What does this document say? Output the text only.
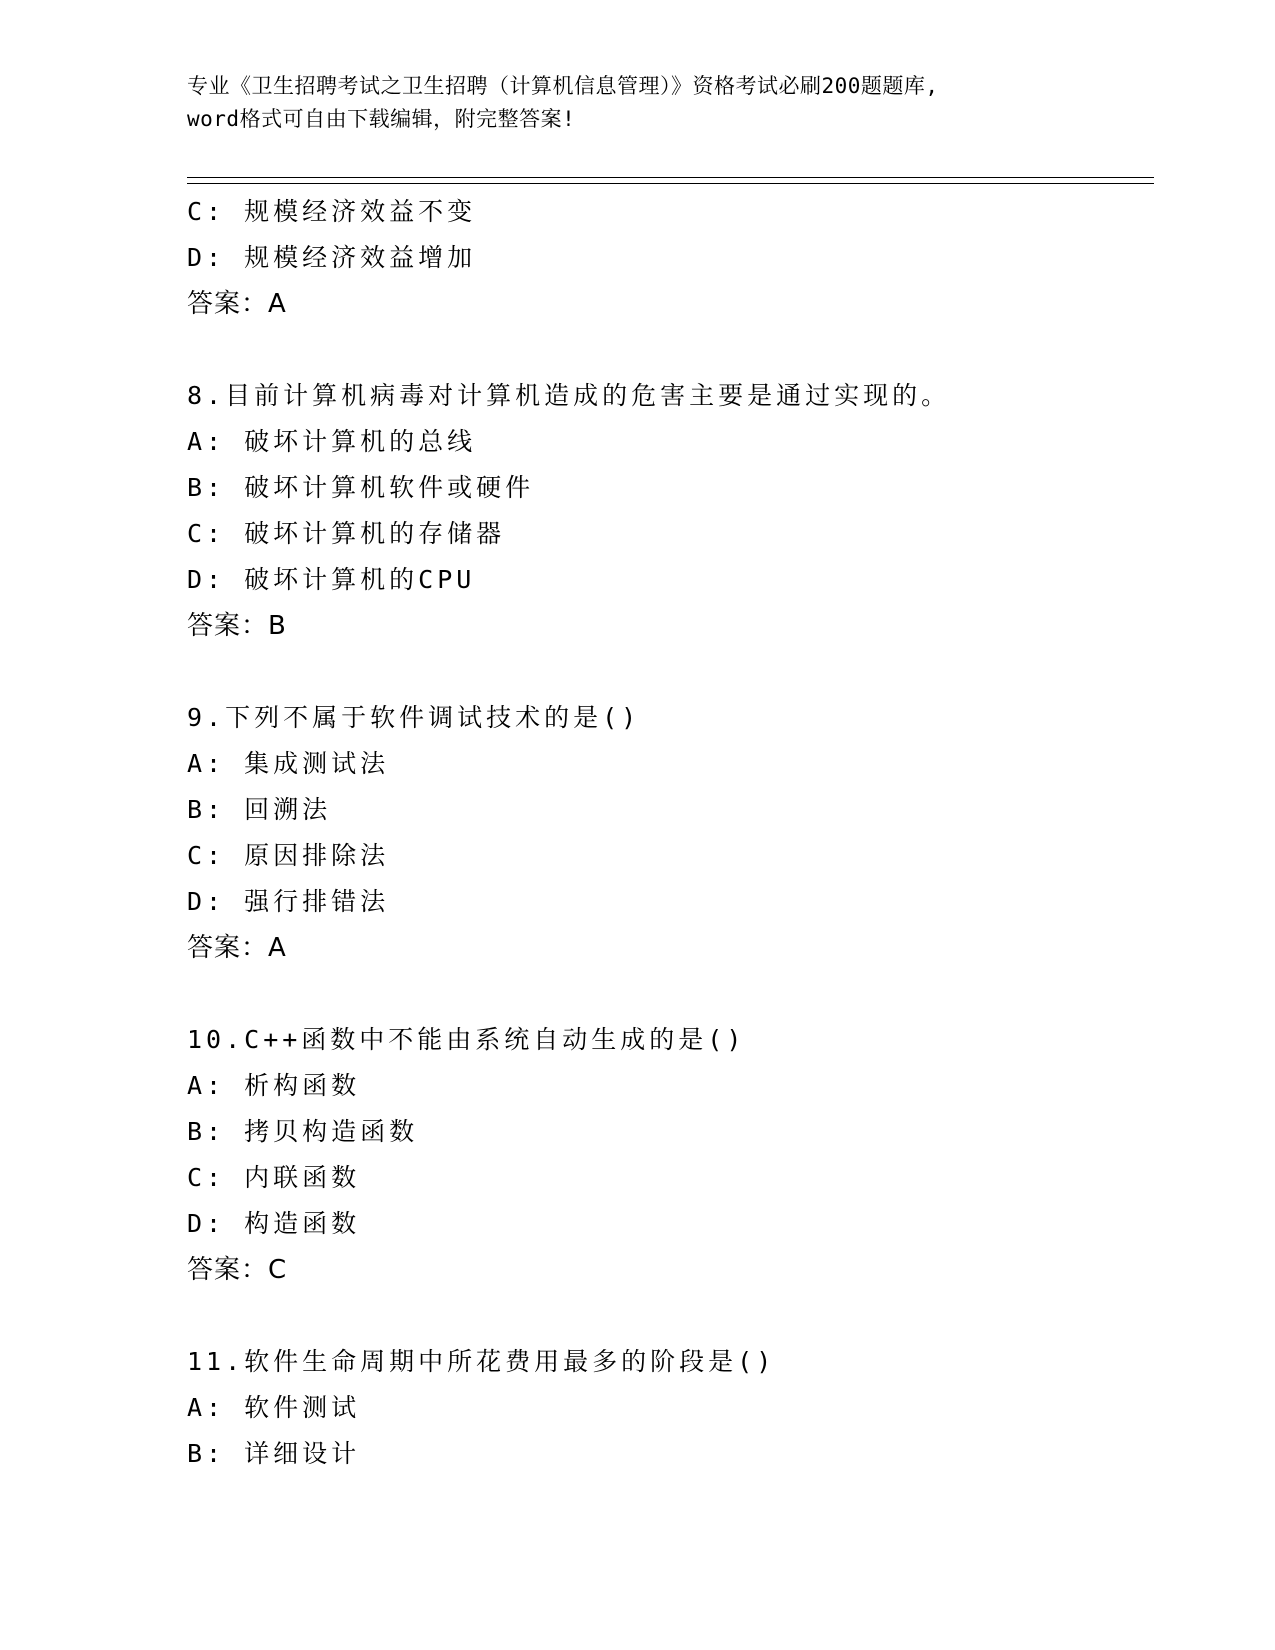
专业《卫生招聘考试之卫生招聘（计算机信息管理）》资格考试必刷200题题库,
word格式可自由下载编辑，附完整答案!
C: 规模经济效益不变
D: 规模经济效益增加
答案：A
8.目前计算机病毒对计算机造成的危害主要是通过实现的。
A: 破坏计算机的总线
B: 破坏计算机软件或硬件
C: 破坏计算机的存储器
D: 破坏计算机的CPU
答案：B
9.下列不属于软件调试技术的是()
A: 集成测试法
B: 回溯法
C: 原因排除法
D: 强行排错法
答案：A
10.C++函数中不能由系统自动生成的是()
A: 析构函数
B: 拷贝构造函数
C: 内联函数
D: 构造函数
答案：C
11.软件生命周期中所花费用最多的阶段是()
A: 软件测试
B: 详细设计
